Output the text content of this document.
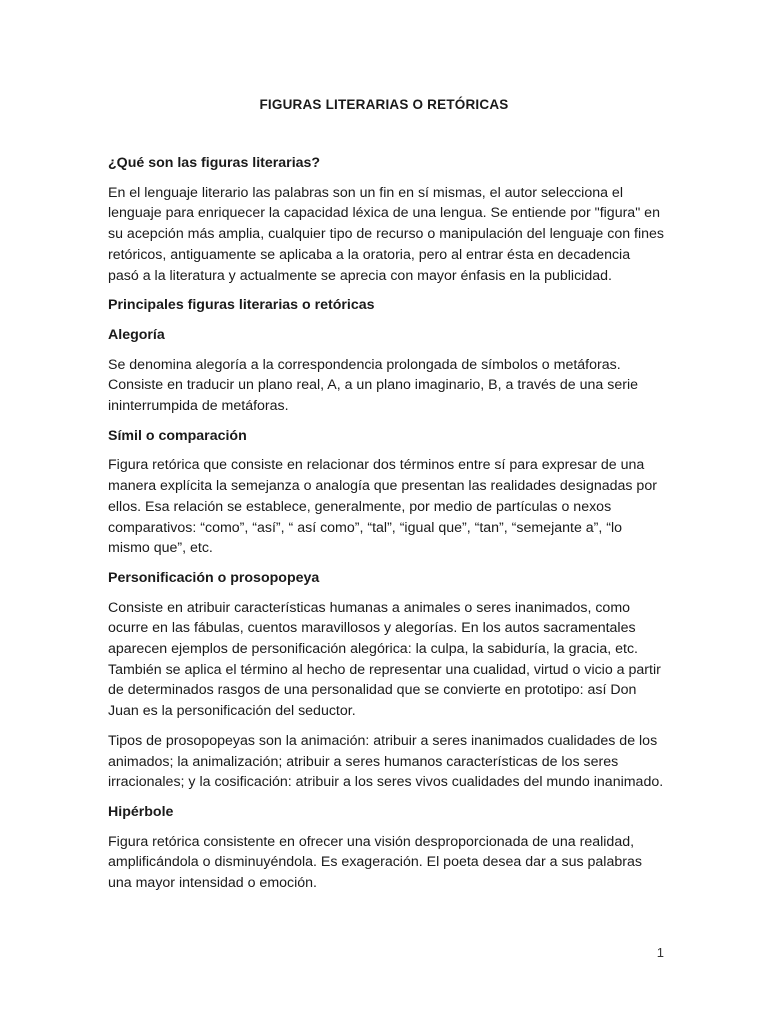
FIGURAS LITERARIAS O RETÓRICAS

¿Qué son las figuras literarias?

En el lenguaje literario las palabras son un fin en sí mismas, el autor selecciona el lenguaje para enriquecer la capacidad léxica de una lengua. Se entiende por "figura" en su acepción más amplia, cualquier tipo de recurso o manipulación del lenguaje con fines retóricos, antiguamente se aplicaba a la oratoria, pero al entrar ésta en decadencia pasó a la literatura y actualmente se aprecia con mayor énfasis en la publicidad.

Principales figuras literarias o retóricas

Alegoría

Se denomina alegoría a la correspondencia prolongada de símbolos o metáforas. Consiste en traducir un plano real, A, a un plano imaginario, B, a través de una serie ininterrumpida de metáforas.

Símil o comparación

Figura retórica que consiste en relacionar dos términos entre sí para expresar de una manera explícita la semejanza o analogía que presentan las realidades designadas por ellos. Esa relación se establece, generalmente, por medio de partículas o nexos comparativos: “como”, “así”, “ así como”, “tal”, “igual que”, “tan”, “semejante a”, “lo mismo que”, etc.

Personificación o prosopopeya

Consiste en atribuir características humanas a animales o seres inanimados, como ocurre en las fábulas, cuentos maravillosos y alegorías. En los autos sacramentales aparecen ejemplos de personificación alegórica: la culpa, la sabiduría, la gracia, etc. También se aplica el término al hecho de representar una cualidad, virtud o vicio a partir de determinados rasgos de una personalidad que se convierte en prototipo: así Don Juan es la personificación del seductor.

Tipos de prosopopeyas son la animación: atribuir a seres inanimados cualidades de los animados; la animalización; atribuir a seres humanos características de los seres irracionales; y la cosificación: atribuir a los seres vivos cualidades del mundo inanimado.

Hipérbole

Figura retórica consistente en ofrecer una visión desproporcionada de una realidad, amplificándola o disminuyéndola. Es exageración. El poeta desea dar a sus palabras una mayor intensidad o emoción.

1
